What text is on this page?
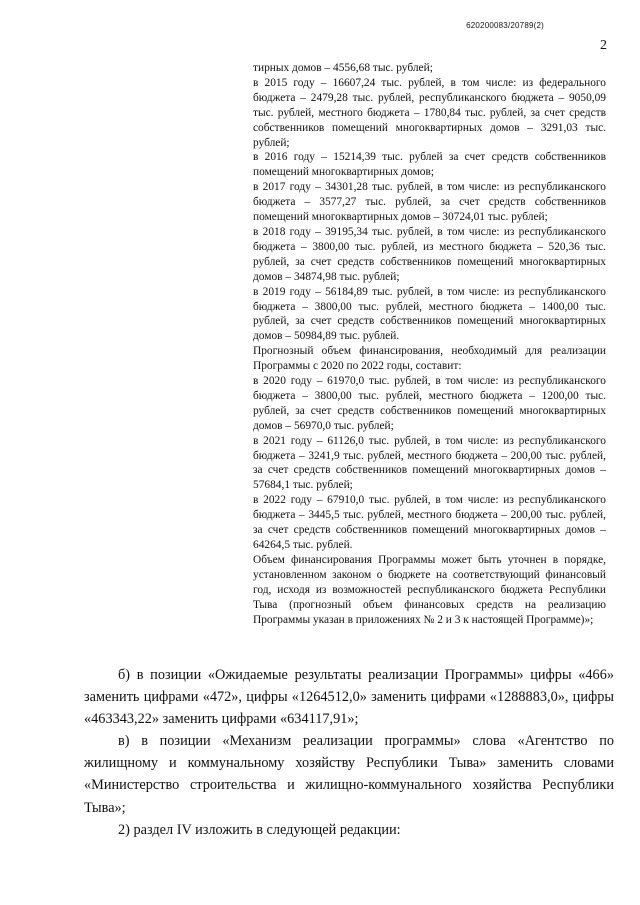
620200083/20789(2)
2

тирных домов – 4556,68 тыс. рублей;

в 2015 году – 16607,24 тыс. рублей, в том числе: из федерального бюджета – 2479,28 тыс. рублей, республиканского бюджета – 9050,09 тыс. рублей, местного бюджета – 1780,84 тыс. рублей, за счет средств собственников помещений многоквартирных домов – 3291,03 тыс. рублей;

в 2016 году – 15214,39 тыс. рублей за счет средств собственников помещений многоквартирных домов;

в 2017 году – 34301,28 тыс. рублей, в том числе: из республиканского бюджета – 3577,27 тыс. рублей, за счет средств собственников помещений многоквартирных домов – 30724,01 тыс. рублей;

в 2018 году – 39195,34 тыс. рублей, в том числе: из республиканского бюджета – 3800,00 тыс. рублей, из местного бюджета – 520,36 тыс. рублей, за счет средств собственников помещений многоквартирных домов – 34874,98 тыс. рублей;

в 2019 году – 56184,89 тыс. рублей, в том числе: из республиканского бюджета – 3800,00 тыс. рублей, местного бюджета – 1400,00 тыс. рублей, за счет средств собственников помещений многоквартирных домов – 50984,89 тыс. рублей.

Прогнозный объем финансирования, необходимый для реализации Программы с 2020 по 2022 годы, составит:

в 2020 году – 61970,0 тыс. рублей, в том числе: из республиканского бюджета – 3800,00 тыс. рублей, местного бюджета – 1200,00 тыс. рублей, за счет средств собственников помещений многоквартирных домов – 56970,0 тыс. рублей;

в 2021 году – 61126,0 тыс. рублей, в том числе: из республиканского бюджета – 3241,9 тыс. рублей, местного бюджета – 200,00 тыс. рублей, за счет средств собственников помещений многоквартирных домов – 57684,1 тыс. рублей;

в 2022 году – 67910,0 тыс. рублей, в том числе: из республиканского бюджета – 3445,5 тыс. рублей, местного бюджета – 200,00 тыс. рублей, за счет средств собственников помещений многоквартирных домов – 64264,5 тыс. рублей.

Объем финансирования Программы может быть уточнен в порядке, установленном законом о бюджете на соответствующий финансовый год, исходя из возможностей республиканского бюджета Республики Тыва (прогнозный объем финансовых средств на реализацию Программы указан в приложениях № 2 и 3 к настоящей Программе)»;

б) в позиции «Ожидаемые результаты реализации Программы» цифры «466» заменить цифрами «472», цифры «1264512,0» заменить цифрами «1288883,0», цифры «463343,22» заменить цифрами «634117,91»;

в) в позиции «Механизм реализации программы» слова «Агентство по жилищному и коммунальному хозяйству Республики Тыва» заменить словами «Министерство строительства и жилищно-коммунального хозяйства Республики Тыва»;

2) раздел IV изложить в следующей редакции:
